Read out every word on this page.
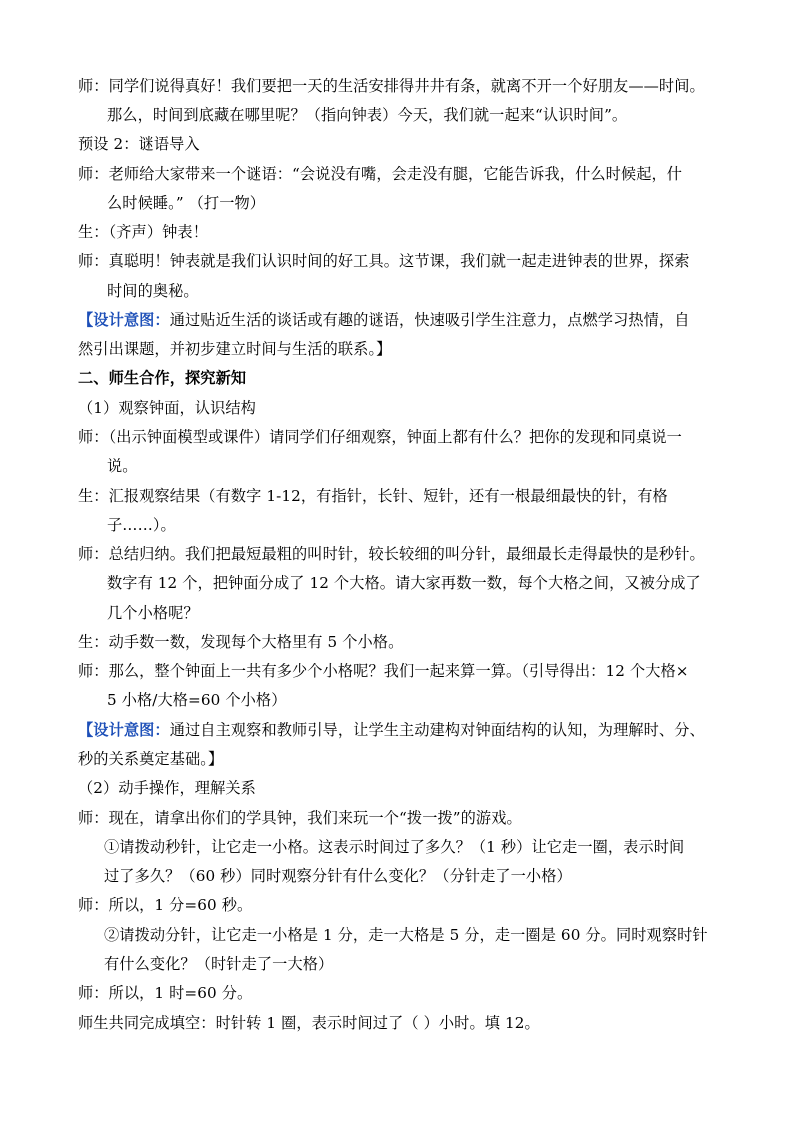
师：同学们说得真好！我们要把一天的生活安排得井井有条，就离不开一个好朋友——时间。
那么，时间到底藏在哪里呢？（指向钟表）今天，我们就一起来“认识时间”。
预设 2：谜语导入
师：老师给大家带来一个谜语：“会说没有嘴，会走没有腿，它能告诉我，什么时候起，什
么时候睡。” （打一物）
生：（齐声）钟表！
师：真聪明！钟表就是我们认识时间的好工具。这节课，我们就一起走进钟表的世界，探索
时间的奥秘。
【设计意图：通过贴近生活的谈话或有趣的谜语，快速吸引学生注意力，点燃学习热情，自
然引出课题，并初步建立时间与生活的联系。】
二、师生合作，探究新知
（1）观察钟面，认识结构
师：（出示钟面模型或课件）请同学们仔细观察，钟面上都有什么？把你的发现和同桌说一
说。
生：汇报观察结果（有数字 1-12，有指针，长针、短针，还有一根最细最快的针，有格
子……）。
师：总结归纳。我们把最短最粗的叫时针，较长较细的叫分针，最细最长走得最快的是秒针。
数字有 12 个，把钟面分成了 12 个大格。请大家再数一数，每个大格之间，又被分成了
几个小格呢？
生：动手数一数，发现每个大格里有 5 个小格。
师：那么，整个钟面上一共有多少个小格呢？我们一起来算一算。（引导得出：12 个大格×
5 小格/大格=60 个小格）
【设计意图：通过自主观察和教师引导，让学生主动建构对钟面结构的认知，为理解时、分、
秒的关系奠定基础。】
（2）动手操作，理解关系
师：现在，请拿出你们的学具钟，我们来玩一个“拨一拨”的游戏。
①请拨动秒针，让它走一小格。这表示时间过了多久？（1 秒）让它走一圈，表示时间
过了多久？（60 秒）同时观察分针有什么变化？（分针走了一小格）
师：所以，1 分=60 秒。
②请拨动分针，让它走一小格是 1 分，走一大格是 5 分，走一圈是 60 分。同时观察时针
有什么变化？（时针走了一大格）
师：所以，1 时=60 分。
师生共同完成填空：时针转 1 圈，表示时间过了（ ）小时。填 12。
